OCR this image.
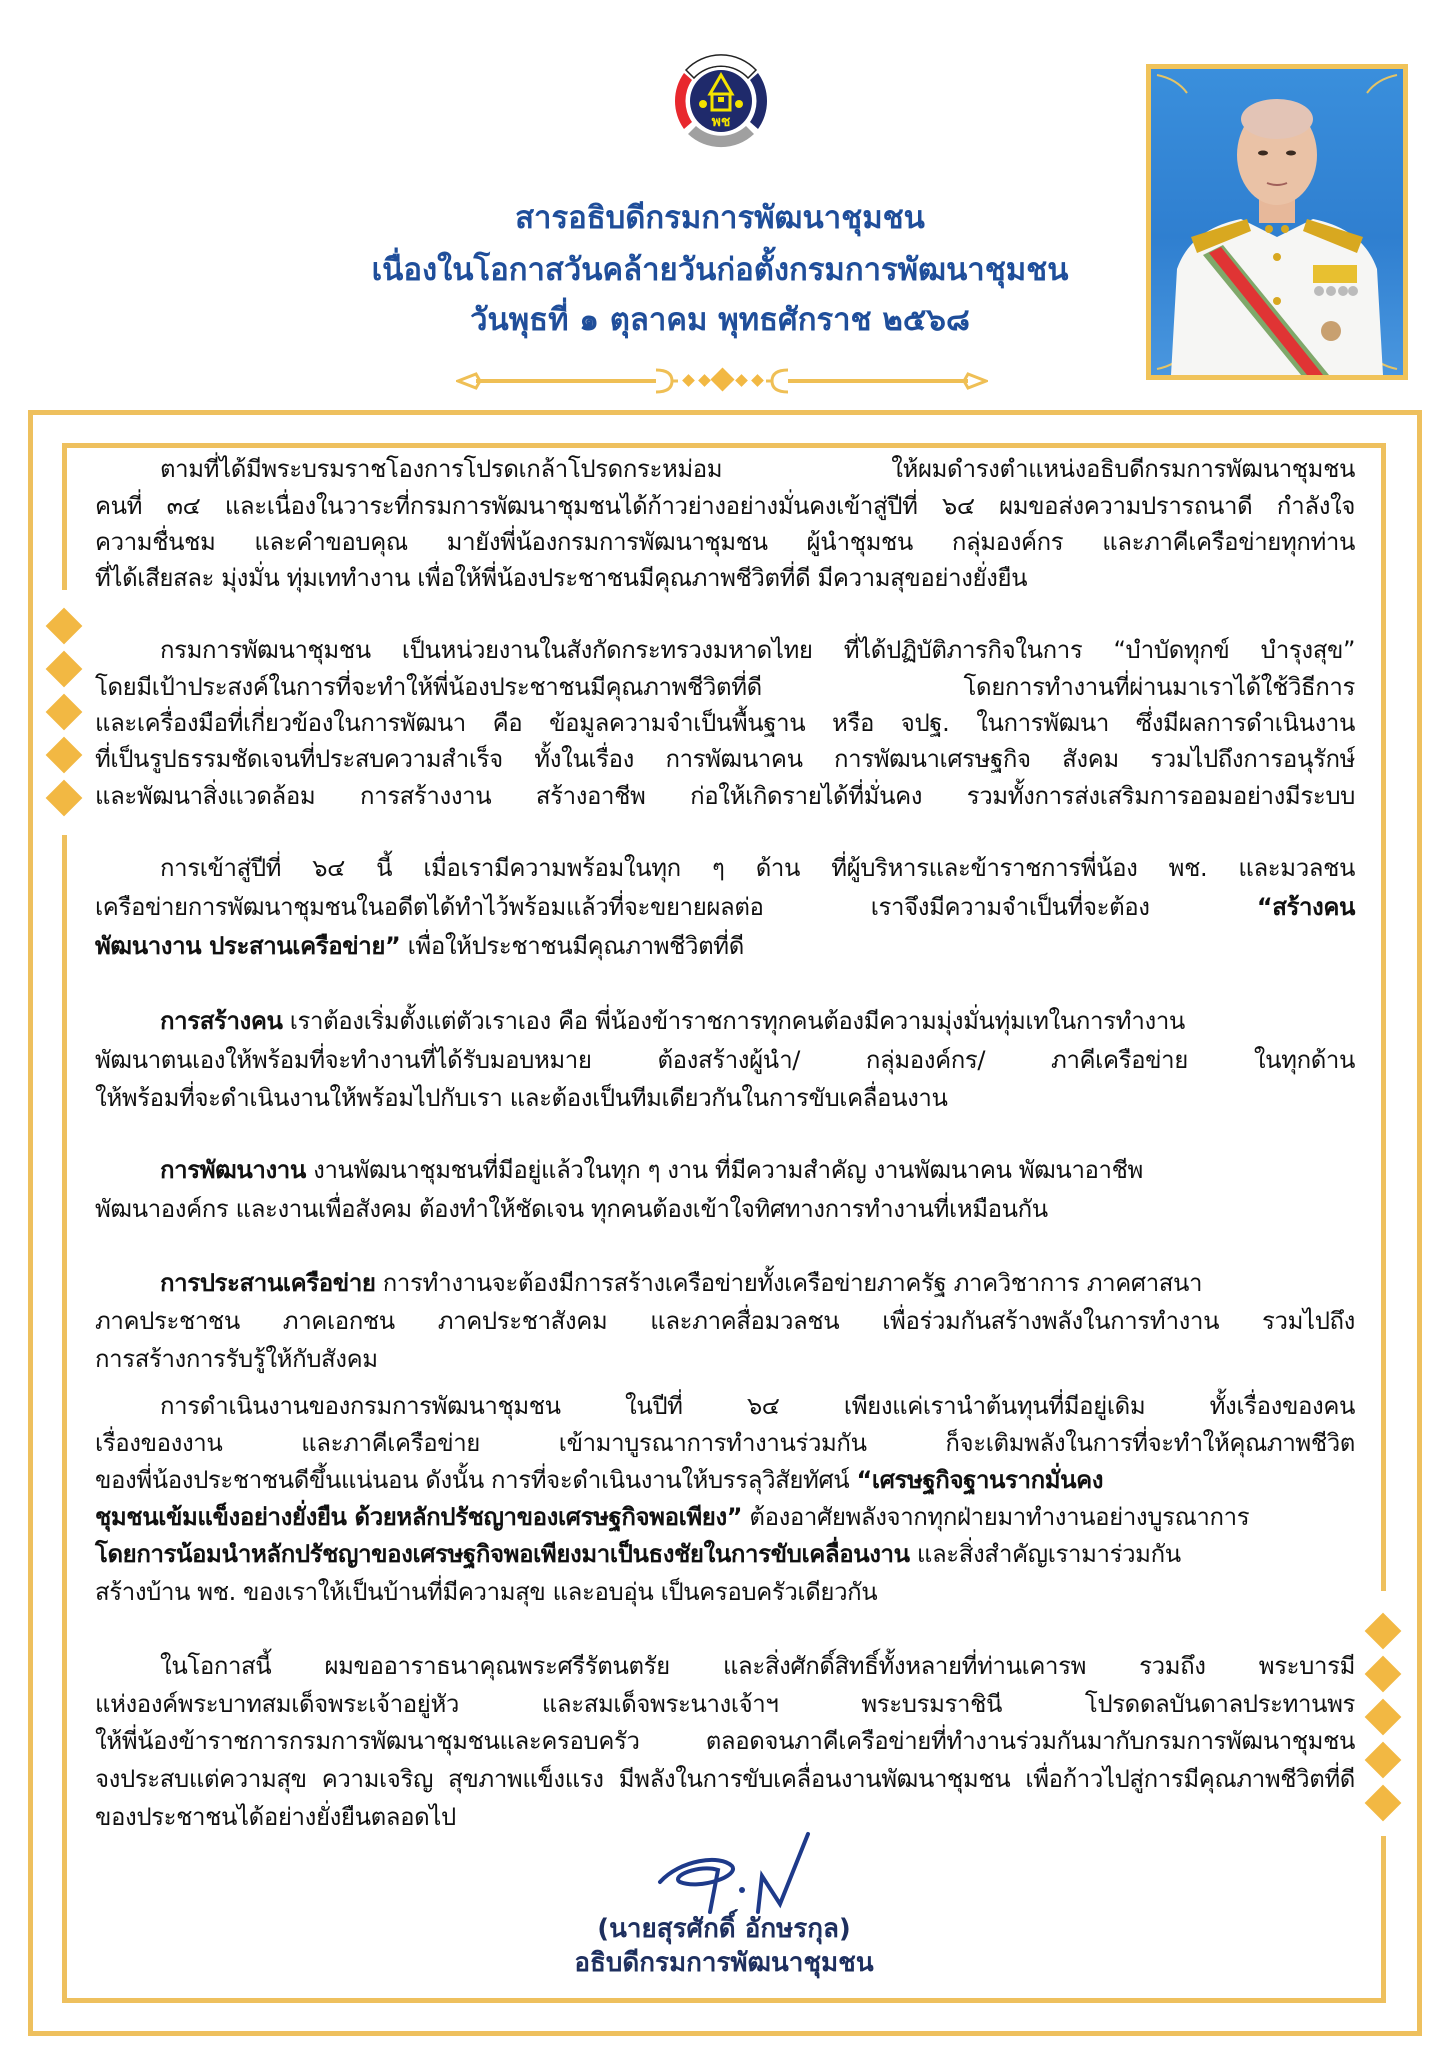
พช
สารอธิบดีกรมการพัฒนาชุมชน
เนื่องในโอกาสวันคล้ายวันก่อตั้งกรมการพัฒนาชุมชน
วันพุธที่ ๑ ตุลาคม พุทธศักราช ๒๕๖๘
ตามที่ได้มีพระบรมราชโองการโปรดเกล้าโปรดกระหม่อม ให้ผมดำรงตำแหน่งอธิบดีกรมการพัฒนาชุมชน
คนที่ ๓๔ และเนื่องในวาระที่กรมการพัฒนาชุมชนได้ก้าวย่างอย่างมั่นคงเข้าสู่ปีที่ ๖๔ ผมขอส่งความปรารถนาดี กำลังใจ
ความชื่นชม และคำขอบคุณ มายังพี่น้องกรมการพัฒนาชุมชน ผู้นำชุมชน กลุ่มองค์กร และภาคีเครือข่ายทุกท่าน
ที่ได้เสียสละ มุ่งมั่น ทุ่มเททำงาน เพื่อให้พี่น้องประชาชนมีคุณภาพชีวิตที่ดี มีความสุขอย่างยั่งยืน
กรมการพัฒนาชุมชน เป็นหน่วยงานในสังกัดกระทรวงมหาดไทย ที่ได้ปฏิบัติภารกิจในการ “บำบัดทุกข์ บำรุงสุข”
โดยมีเป้าประสงค์ในการที่จะทำให้พี่น้องประชาชนมีคุณภาพชีวิตที่ดี โดยการทำงานที่ผ่านมาเราได้ใช้วิธีการ
และเครื่องมือที่เกี่ยวข้องในการพัฒนา คือ ข้อมูลความจำเป็นพื้นฐาน หรือ จปฐ. ในการพัฒนา ซึ่งมีผลการดำเนินงาน
ที่เป็นรูปธรรมชัดเจนที่ประสบความสำเร็จ ทั้งในเรื่อง การพัฒนาคน การพัฒนาเศรษฐกิจ สังคม รวมไปถึงการอนุรักษ์
และพัฒนาสิ่งแวดล้อม การสร้างงาน สร้างอาชีพ ก่อให้เกิดรายได้ที่มั่นคง รวมทั้งการส่งเสริมการออมอย่างมีระบบ
การเข้าสู่ปีที่ ๖๔ นี้ เมื่อเรามีความพร้อมในทุก ๆ ด้าน ที่ผู้บริหารและข้าราชการพี่น้อง พช. และมวลชน
เครือข่ายการพัฒนาชุมชนในอดีตได้ทำไว้พร้อมแล้วที่จะขยายผลต่อ เราจึงมีความจำเป็นที่จะต้อง	“สร้างคน
พัฒนางาน ประสานเครือข่าย” เพื่อให้ประชาชนมีคุณภาพชีวิตที่ดี
การสร้างคน เราต้องเริ่มตั้งแต่ตัวเราเอง คือ พี่น้องข้าราชการทุกคนต้องมีความมุ่งมั่นทุ่มเทในการทำงาน
พัฒนาตนเองให้พร้อมที่จะทำงานที่ได้รับมอบหมาย ต้องสร้างผู้นำ/ กลุ่มองค์กร/ ภาคีเครือข่าย ในทุกด้าน
ให้พร้อมที่จะดำเนินงานให้พร้อมไปกับเรา และต้องเป็นทีมเดียวกันในการขับเคลื่อนงาน
การพัฒนางาน งานพัฒนาชุมชนที่มีอยู่แล้วในทุก ๆ งาน ที่มีความสำคัญ งานพัฒนาคน พัฒนาอาชีพ
พัฒนาองค์กร และงานเพื่อสังคม ต้องทำให้ชัดเจน ทุกคนต้องเข้าใจทิศทางการทำงานที่เหมือนกัน
การประสานเครือข่าย การทำงานจะต้องมีการสร้างเครือข่ายทั้งเครือข่ายภาครัฐ ภาควิชาการ ภาคศาสนา
ภาคประชาชน ภาคเอกชน ภาคประชาสังคม และภาคสื่อมวลชน เพื่อร่วมกันสร้างพลังในการทำงาน รวมไปถึง
การสร้างการรับรู้ให้กับสังคม
การดำเนินงานของกรมการพัฒนาชุมชน ในปีที่ ๖๔ เพียงแค่เรานำต้นทุนที่มีอยู่เดิม ทั้งเรื่องของคน
เรื่องของงาน และภาคีเครือข่าย เข้ามาบูรณาการทำงานร่วมกัน ก็จะเติมพลังในการที่จะทำให้คุณภาพชีวิต
ของพี่น้องประชาชนดีขึ้นแน่นอน ดังนั้น การที่จะดำเนินงานให้บรรลุวิสัยทัศน์ “เศรษฐกิจฐานรากมั่นคง
ชุมชนเข้มแข็งอย่างยั่งยืน ด้วยหลักปรัชญาของเศรษฐกิจพอเพียง” ต้องอาศัยพลังจากทุกฝ่ายมาทำงานอย่างบูรณาการ
โดยการน้อมนำหลักปรัชญาของเศรษฐกิจพอเพียงมาเป็นธงชัยในการขับเคลื่อนงาน และสิ่งสำคัญเรามาร่วมกัน
สร้างบ้าน พช. ของเราให้เป็นบ้านที่มีความสุข และอบอุ่น เป็นครอบครัวเดียวกัน
ในโอกาสนี้ ผมขออาราธนาคุณพระศรีรัตนตรัย และสิ่งศักดิ์สิทธิ์ทั้งหลายที่ท่านเคารพ รวมถึง พระบารมี
แห่งองค์พระบาทสมเด็จพระเจ้าอยู่หัว และสมเด็จพระนางเจ้าฯ พระบรมราชินี โปรดดลบันดาลประทานพร
ให้พี่น้องข้าราชการกรมการพัฒนาชุมชนและครอบครัว ตลอดจนภาคีเครือข่ายที่ทำงานร่วมกันมากับกรมการพัฒนาชุมชน
จงประสบแต่ความสุข ความเจริญ สุขภาพแข็งแรง มีพลังในการขับเคลื่อนงานพัฒนาชุมชน เพื่อก้าวไปสู่การมีคุณภาพชีวิตที่ดี
ของประชาชนได้อย่างยั่งยืนตลอดไป
(นายสุรศักดิ์ อักษรกุล)
อธิบดีกรมการพัฒนาชุมชน
